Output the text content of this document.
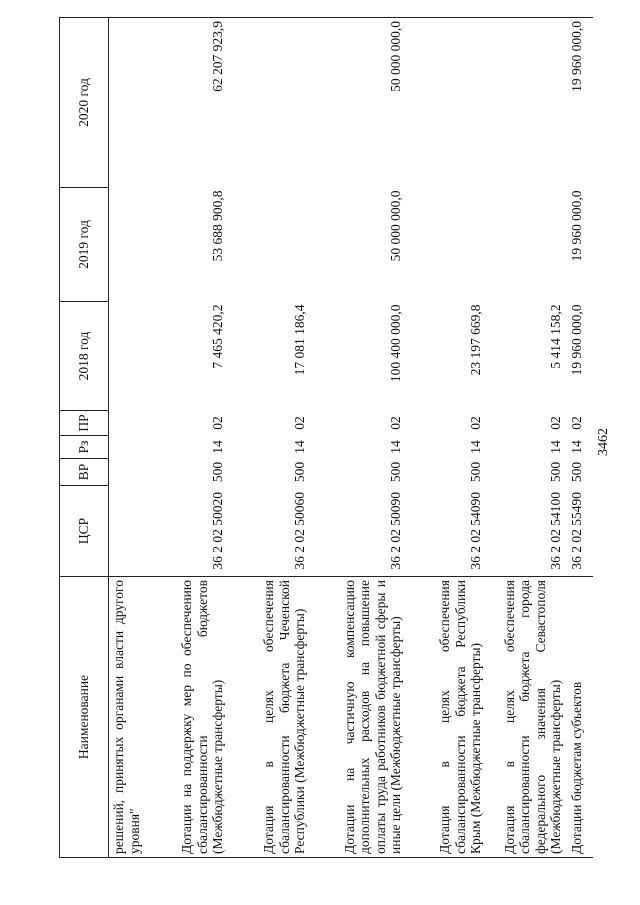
3462
Наименование	ЦСР	ВР	Рз	ПР	2018 год	2019 год	2020 год
решений, принятых органами власти другого уровня"							
Дотации на поддержку мер по обеспечению сбалансированности бюджетов (Межбюджетные трансферты)	36 2 02 50020	500	14	02	7 465 420,2	53 688 900,8	62 207 923,9
Дотация в целях обеспечения сбалансированности бюджета Чеченской Республики (Межбюджетные трансферты)	36 2 02 50060	500	14	02	17 081 186,4		
Дотации на частичную компенсацию дополнительных расходов на повышение оплаты труда работников бюджетной сферы и иные цели (Межбюджетные трансферты)	36 2 02 50090	500	14	02	100 400 000,0	50 000 000,0	50 000 000,0
Дотация в целях обеспечения сбалансированности бюджета Республики Крым (Межбюджетные трансферты)	36 2 02 54090	500	14	02	23 197 669,8		
Дотация в целях обеспечения сбалансированности бюджета города федерального значения Севастополя (Межбюджетные трансферты)	36 2 02 54100	500	14	02	5 414 158,2		
Дотации бюджетам субъектов	36 2 02 55490	500	14	02	19 960 000,0	19 960 000,0	19 960 000,0
